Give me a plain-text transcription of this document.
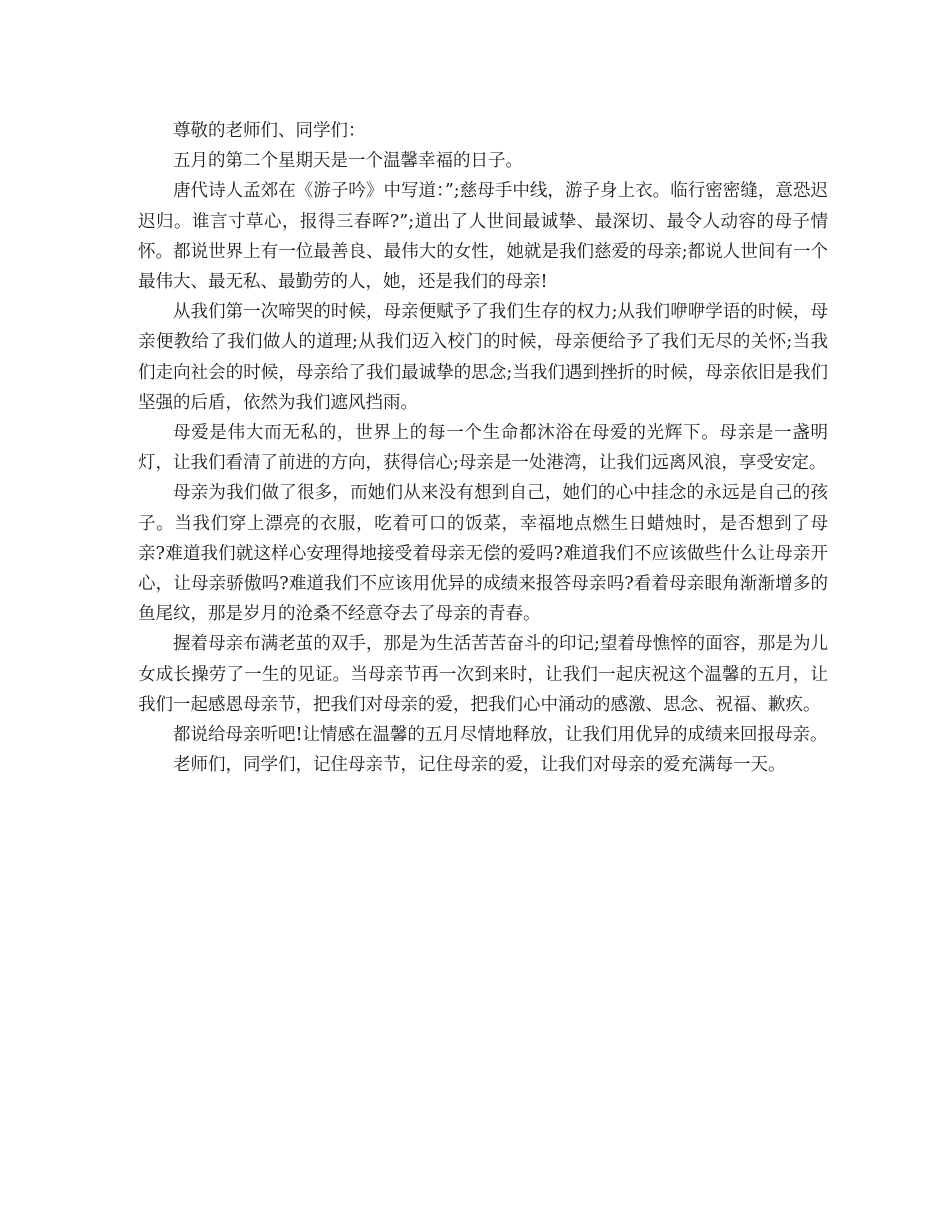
尊敬的老师们、同学们：

五月的第二个星期天是一个温馨幸福的日子。

唐代诗人孟郊在《游子吟》中写道：”;慈母手中线，游子身上衣。临行密密缝，意恐迟迟归。谁言寸草心，报得三春晖?”;道出了人世间最诚挚、最深切、最令人动容的母子情怀。都说世界上有一位最善良、最伟大的女性，她就是我们慈爱的母亲;都说人世间有一个最伟大、最无私、最勤劳的人，她，还是我们的母亲!

从我们第一次啼哭的时候，母亲便赋予了我们生存的权力;从我们咿咿学语的时候，母亲便教给了我们做人的道理;从我们迈入校门的时候，母亲便给予了我们无尽的关怀;当我们走向社会的时候，母亲给了我们最诚挚的思念;当我们遇到挫折的时候，母亲依旧是我们坚强的后盾，依然为我们遮风挡雨。

母爱是伟大而无私的，世界上的每一个生命都沐浴在母爱的光辉下。母亲是一盏明灯，让我们看清了前进的方向，获得信心;母亲是一处港湾，让我们远离风浪，享受安定。

母亲为我们做了很多，而她们从来没有想到自己，她们的心中挂念的永远是自己的孩子。当我们穿上漂亮的衣服，吃着可口的饭菜，幸福地点燃生日蜡烛时，是否想到了母亲?难道我们就这样心安理得地接受着母亲无偿的爱吗?难道我们不应该做些什么让母亲开心，让母亲骄傲吗?难道我们不应该用优异的成绩来报答母亲吗?看着母亲眼角渐渐增多的鱼尾纹，那是岁月的沧桑不经意夺去了母亲的青春。

握着母亲布满老茧的双手，那是为生活苦苦奋斗的印记;望着母憔悴的面容，那是为儿女成长操劳了一生的见证。当母亲节再一次到来时，让我们一起庆祝这个温馨的五月，让我们一起感恩母亲节，把我们对母亲的爱，把我们心中涌动的感激、思念、祝福、歉疚。

都说给母亲听吧!让情感在温馨的五月尽情地释放，让我们用优异的成绩来回报母亲。

老师们，同学们，记住母亲节，记住母亲的爱，让我们对母亲的爱充满每一天。
